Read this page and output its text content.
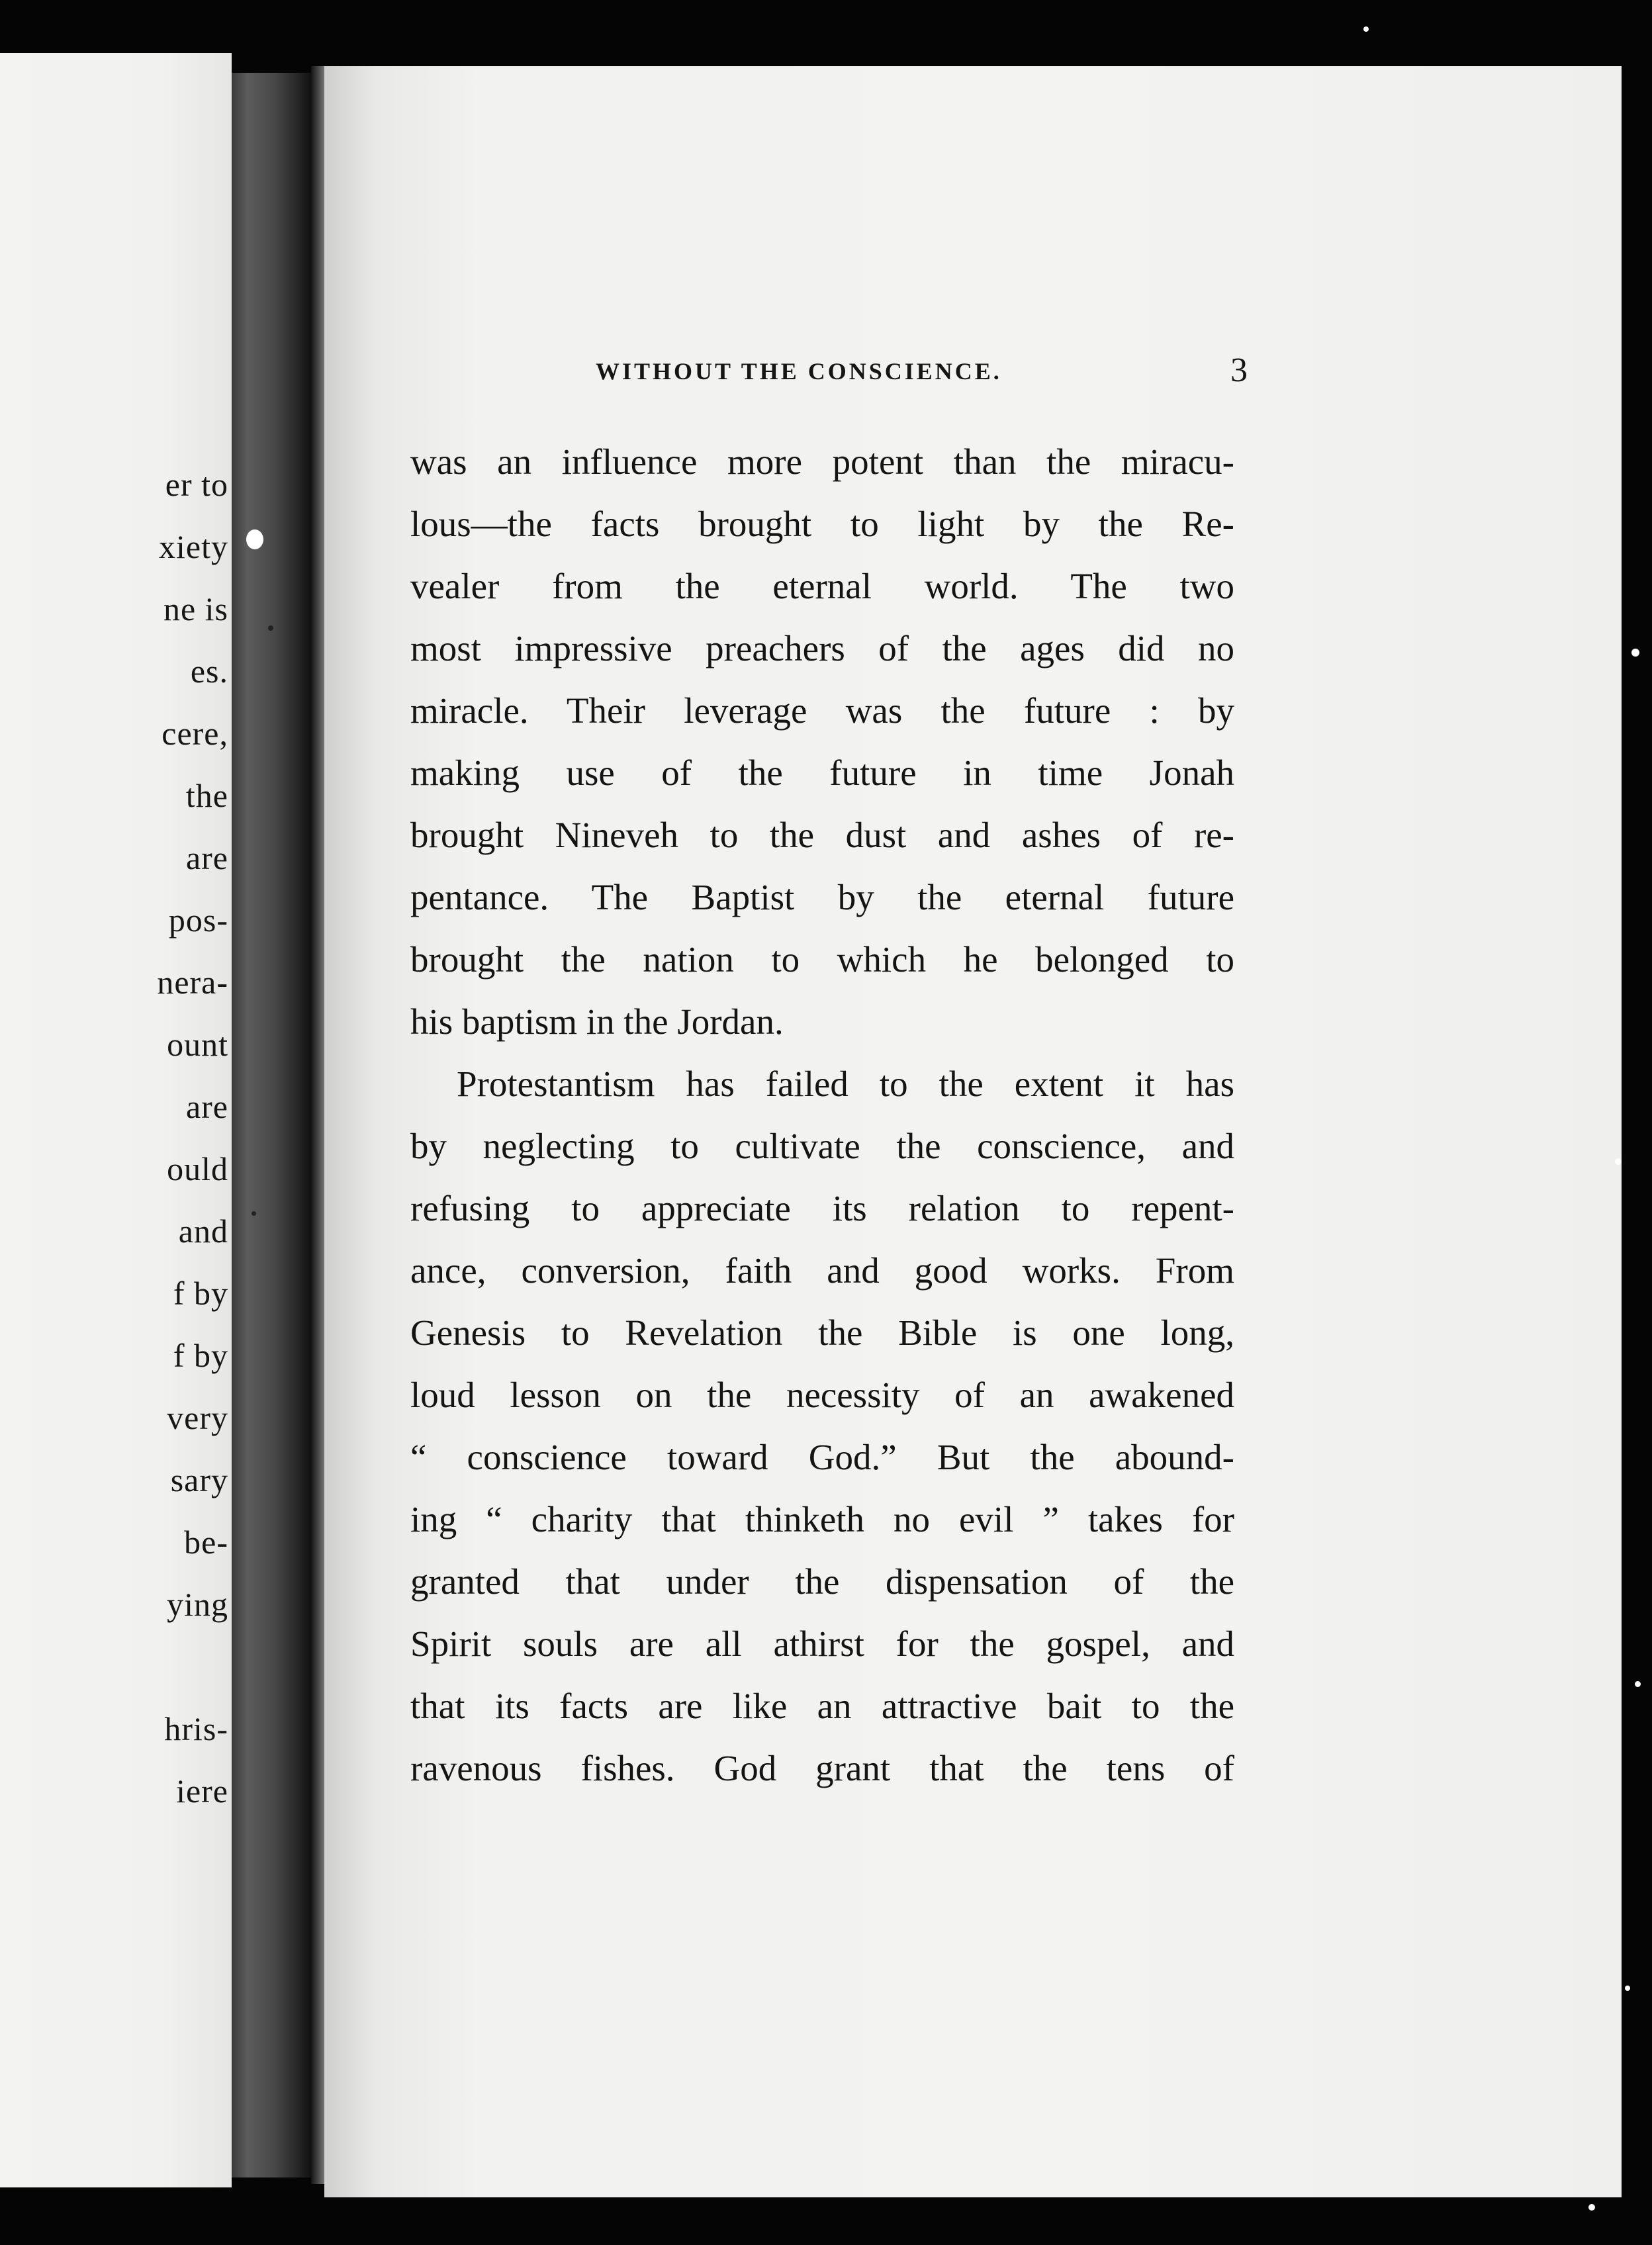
er to
xiety
ne is
es.
cere,
the
are
pos-
nera-
ount
are
ould
and
f by
f by
very
sary
be-
ying
hris-
iere
WITHOUT THE CONSCIENCE.	3
was an influence more potent than the miracu-
lous—the facts brought to light by the Re-
vealer from the eternal world. The two
most impressive preachers of the ages did no
miracle. Their leverage was the future : by
making use of the future in time Jonah
brought Nineveh to the dust and ashes of re-
pentance. The Baptist by the eternal future
brought the nation to which he belonged to
his baptism in the Jordan.
Protestantism has failed to the extent it has
by neglecting to cultivate the conscience, and
refusing to appreciate its relation to repent-
ance, conversion, faith and good works. From
Genesis to Revelation the Bible is one long,
loud lesson on the necessity of an awakened
“ conscience toward God.” But the abound-
ing “ charity that thinketh no evil ” takes for
granted that under the dispensation of the
Spirit souls are all athirst for the gospel, and
that its facts are like an attractive bait to the
ravenous fishes. God grant that the tens of
